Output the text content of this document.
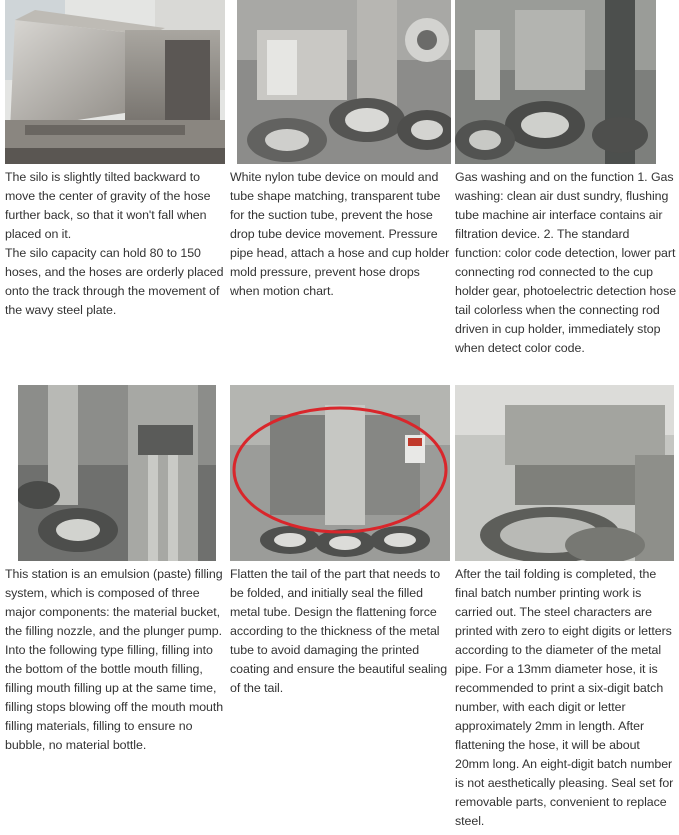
The silo is slightly tilted backward to move the center of gravity of the hose further back, so that it won't fall when placed on it.

The silo capacity can hold 80 to 150 hoses, and the hoses are orderly placed onto the track through the movement of the wavy steel plate.

White nylon tube device on mould and tube shape matching, transparent tube for the suction tube, prevent the hose drop tube device movement. Pressure pipe head, attach a hose and cup holder mold pressure, prevent hose drops when motion chart.

Gas washing and on the function 1. Gas washing: clean air dust sundry, flushing tube machine air interface contains air filtration device. 2. The standard function: color code detection, lower part connecting rod connected to the cup holder gear, photoelectric detection hose tail colorless when the connecting rod driven in cup holder, immediately stop when detect color code.

This station is an emulsion (paste) filling system, which is composed of three major components: the material bucket, the filling nozzle, and the plunger pump. Into the following type filling, filling into the bottom of the bottle mouth filling, filling mouth filling up at the same time, filling stops blowing off the mouth mouth filling materials, filling to ensure no bubble, no material bottle.

Flatten the tail of the part that needs to be folded, and initially seal the filled metal tube. Design the flattening force according to the thickness of the metal tube to avoid damaging the printed coating and ensure the beautiful sealing of the tail.

After the tail folding is completed, the final batch number printing work is carried out. The steel characters are printed with zero to eight digits or letters according to the diameter of the metal pipe. For a 13mm diameter hose, it is recommended to print a six-digit batch number, with each digit or letter approximately 2mm in length. After flattening the hose, it will be about 20mm long. An eight-digit batch number is not aesthetically pleasing. Seal set for removable parts, convenient to replace steel.
